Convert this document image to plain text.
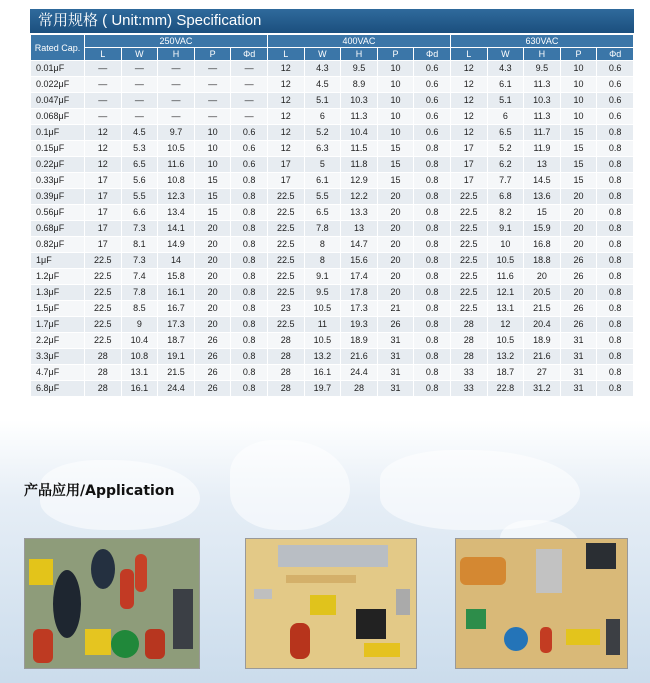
常用规格 ( Unit:mm) Specification
Rated Cap.	250VAC					400VAC					630VAC				
	L	W	H	P	Φd	L	W	H	P	Φd	L	W	H	P	Φd
0.01μF	—	—	—	—	—	12	4.3	9.5	10	0.6	12	4.3	9.5	10	0.6
0.022μF	—	—	—	—	—	12	4.5	8.9	10	0.6	12	6.1	11.3	10	0.6
0.047μF	—	—	—	—	—	12	5.1	10.3	10	0.6	12	5.1	10.3	10	0.6
0.068μF	—	—	—	—	—	12	6	11.3	10	0.6	12	6	11.3	10	0.6
0.1μF	12	4.5	9.7	10	0.6	12	5.2	10.4	10	0.6	12	6.5	11.7	15	0.8
0.15μF	12	5.3	10.5	10	0.6	12	6.3	11.5	15	0.8	17	5.2	11.9	15	0.8
0.22μF	12	6.5	11.6	10	0.6	17	5	11.8	15	0.8	17	6.2	13	15	0.8
0.33μF	17	5.6	10.8	15	0.8	17	6.1	12.9	15	0.8	17	7.7	14.5	15	0.8
0.39μF	17	5.5	12.3	15	0.8	22.5	5.5	12.2	20	0.8	22.5	6.8	13.6	20	0.8
0.56μF	17	6.6	13.4	15	0.8	22.5	6.5	13.3	20	0.8	22.5	8.2	15	20	0.8
0.68μF	17	7.3	14.1	20	0.8	22.5	7.8	13	20	0.8	22.5	9.1	15.9	20	0.8
0.82μF	17	8.1	14.9	20	0.8	22.5	8	14.7	20	0.8	22.5	10	16.8	20	0.8
1μF	22.5	7.3	14	20	0.8	22.5	8	15.6	20	0.8	22.5	10.5	18.8	26	0.8
1.2μF	22.5	7.4	15.8	20	0.8	22.5	9.1	17.4	20	0.8	22.5	11.6	20	26	0.8
1.3μF	22.5	7.8	16.1	20	0.8	22.5	9.5	17.8	20	0.8	22.5	12.1	20.5	20	0.8
1.5μF	22.5	8.5	16.7	20	0.8	23	10.5	17.3	21	0.8	22.5	13.1	21.5	26	0.8
1.7μF	22.5	9	17.3	20	0.8	22.5	11	19.3	26	0.8	28	12	20.4	26	0.8
2.2μF	22.5	10.4	18.7	26	0.8	28	10.5	18.9	31	0.8	28	10.5	18.9	31	0.8
3.3μF	28	10.8	19.1	26	0.8	28	13.2	21.6	31	0.8	28	13.2	21.6	31	0.8
4.7μF	28	13.1	21.5	26	0.8	28	16.1	24.4	31	0.8	33	18.7	27	31	0.8
6.8μF	28	16.1	24.4	26	0.8	28	19.7	28	31	0.8	33	22.8	31.2	31	0.8
产品应用/Application
